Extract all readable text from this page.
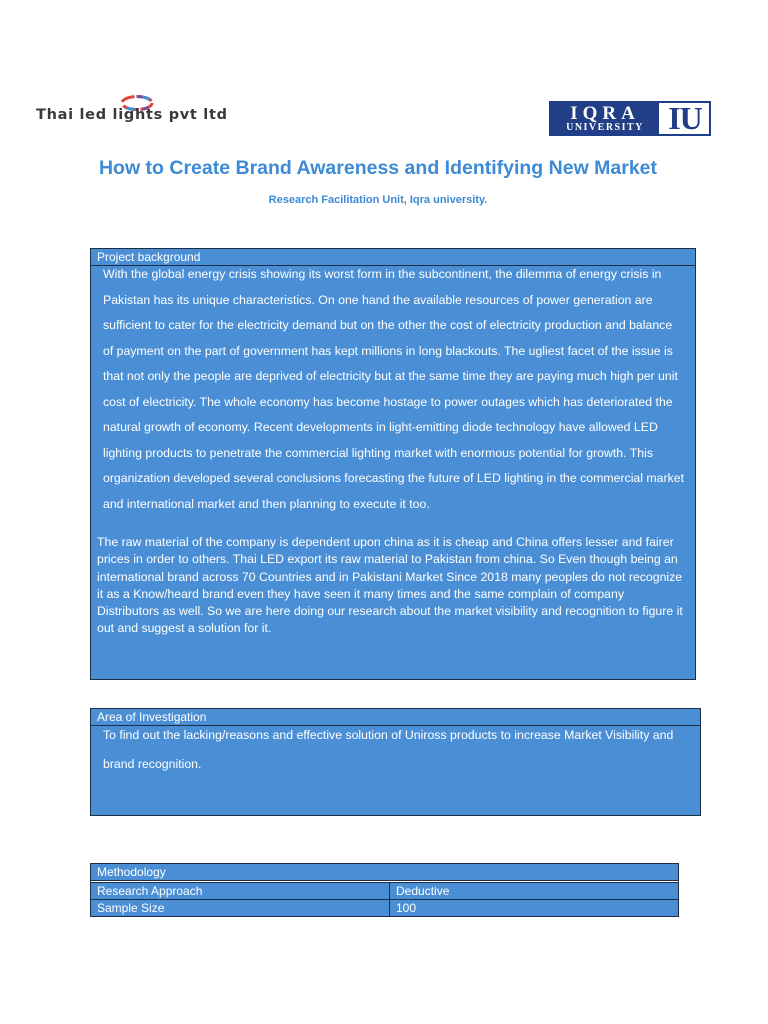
Thai led lights pvt ltd	IQRA
UNIVERSITY IU
How to Create Brand Awareness and Identifying New Market
Research Facilitation Unit, Iqra university.
Project background

With the global energy crisis showing its worst form in the subcontinent, the dilemma of energy crisis in Pakistan has its unique characteristics. On one hand the available resources of power generation are sufficient to cater for the electricity demand but on the other the cost of electricity production and balance of payment on the part of government has kept millions in long blackouts. The ugliest facet of the issue is that not only the people are deprived of electricity but at the same time they are paying much high per unit cost of electricity. The whole economy has become hostage to power outages which has deteriorated the natural growth of economy. Recent developments in light-emitting diode technology have allowed LED lighting products to penetrate the commercial lighting market with enormous potential for growth. This organization developed several conclusions forecasting the future of LED lighting in the commercial market and international market and then planning to execute it too.

The raw material of the company is dependent upon china as it is cheap and China offers lesser and fairer prices in order to others. Thai LED export its raw material to Pakistan from china. So Even though being an international brand across 70 Countries and in Pakistani Market Since 2018 many peoples do not recognize it as a Know/heard brand even they have seen it many times and the same complain of company Distributors as well. So we are here doing our research about the market visibility and recognition to figure it out and suggest a solution for it.

Area of Investigation

To find out the lacking/reasons and effective solution of Uniross products to increase Market Visibility and brand recognition.

Methodology	

Research Approach	Deductive
Sample Size	100
